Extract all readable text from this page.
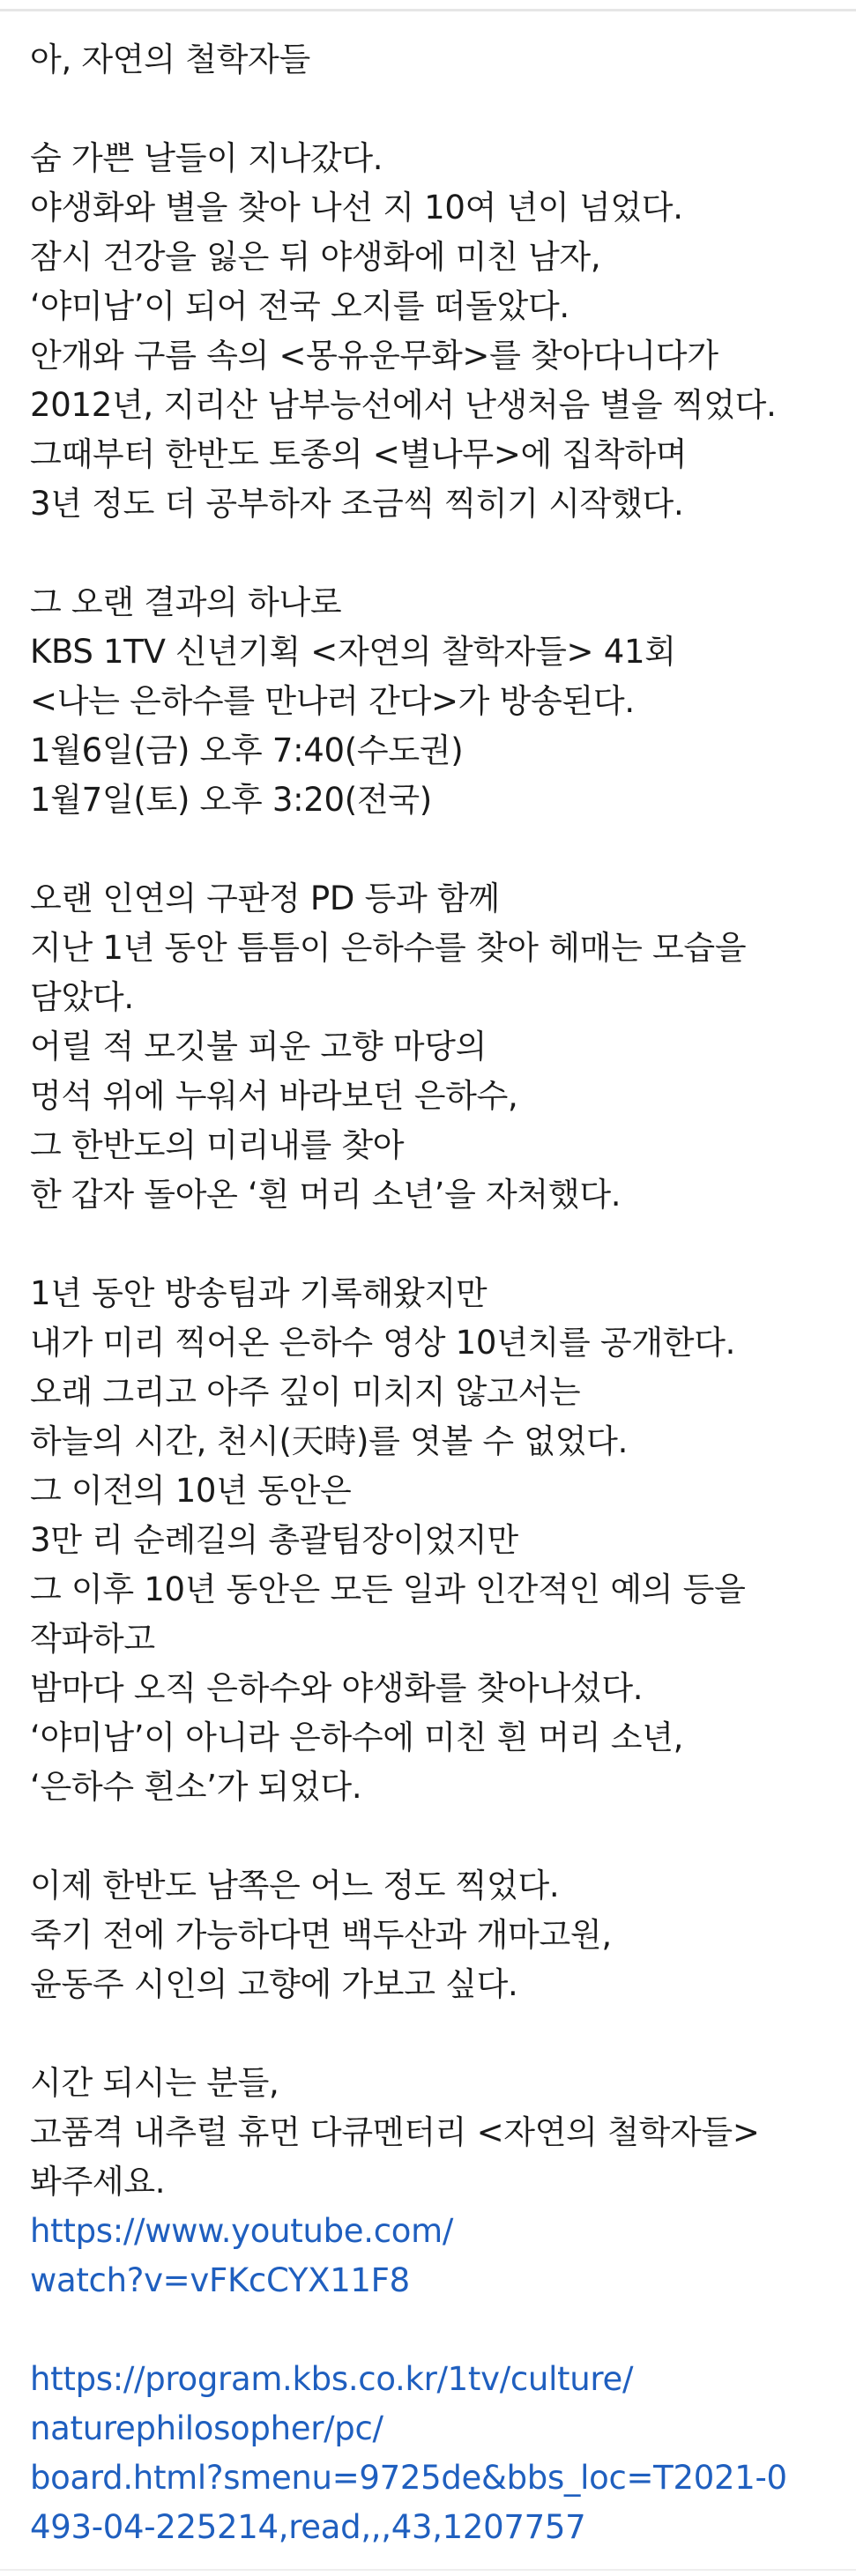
아, 자연의 철학자들
숨 가쁜 날들이 지나갔다.
야생화와 별을 찾아 나선 지 10여 년이 넘었다.
잠시 건강을 잃은 뒤 야생화에 미친 남자,
‘야미남’이 되어 전국 오지를 떠돌았다.
안개와 구름 속의 <몽유운무화>를 찾아다니다가
2012년, 지리산 남부능선에서 난생처음 별을 찍었다.
그때부터 한반도 토종의 <별나무>에 집착하며
3년 정도 더 공부하자 조금씩 찍히기 시작했다.
그 오랜 결과의 하나로
KBS 1TV 신년기획 <자연의 찰학자들> 41회
<나는 은하수를 만나러 간다>가 방송된다.
1월6일(금) 오후 7:40(수도권)
1월7일(토) 오후 3:20(전국)
오랜 인연의 구판정 PD 등과 함께
지난 1년 동안 틈틈이 은하수를 찾아 헤매는 모습을
담았다.
어릴 적 모깃불 피운 고향 마당의
멍석 위에 누워서 바라보던 은하수,
그 한반도의 미리내를 찾아
한 갑자 돌아온 ‘흰 머리 소년’을 자처했다.
1년 동안 방송팀과 기록해왔지만
내가 미리 찍어온 은하수 영상 10년치를 공개한다.
오래 그리고 아주 깊이 미치지 않고서는
하늘의 시간, 천시(天時)를 엿볼 수 없었다.
그 이전의 10년 동안은
3만 리 순례길의 총괄팀장이었지만
그 이후 10년 동안은 모든 일과 인간적인 예의 등을
작파하고
밤마다 오직 은하수와 야생화를 찾아나섰다.
‘야미남’이 아니라 은하수에 미친 흰 머리 소년,
‘은하수 흰소’가 되었다.
이제 한반도 남쪽은 어느 정도 찍었다.
죽기 전에 가능하다면 백두산과 개마고원,
윤동주 시인의 고향에 가보고 싶다.
시간 되시는 분들,
고품격 내추럴 휴먼 다큐멘터리 <자연의 철학자들>
봐주세요.
https://www.youtube.com/
watch?v=vFKcCYX11F8
https://program.kbs.co.kr/1tv/culture/
naturephilosopher/pc/
board.html?smenu=9725de&bbs_loc=T2021-0
493-04-225214,read,,,43,1207757
